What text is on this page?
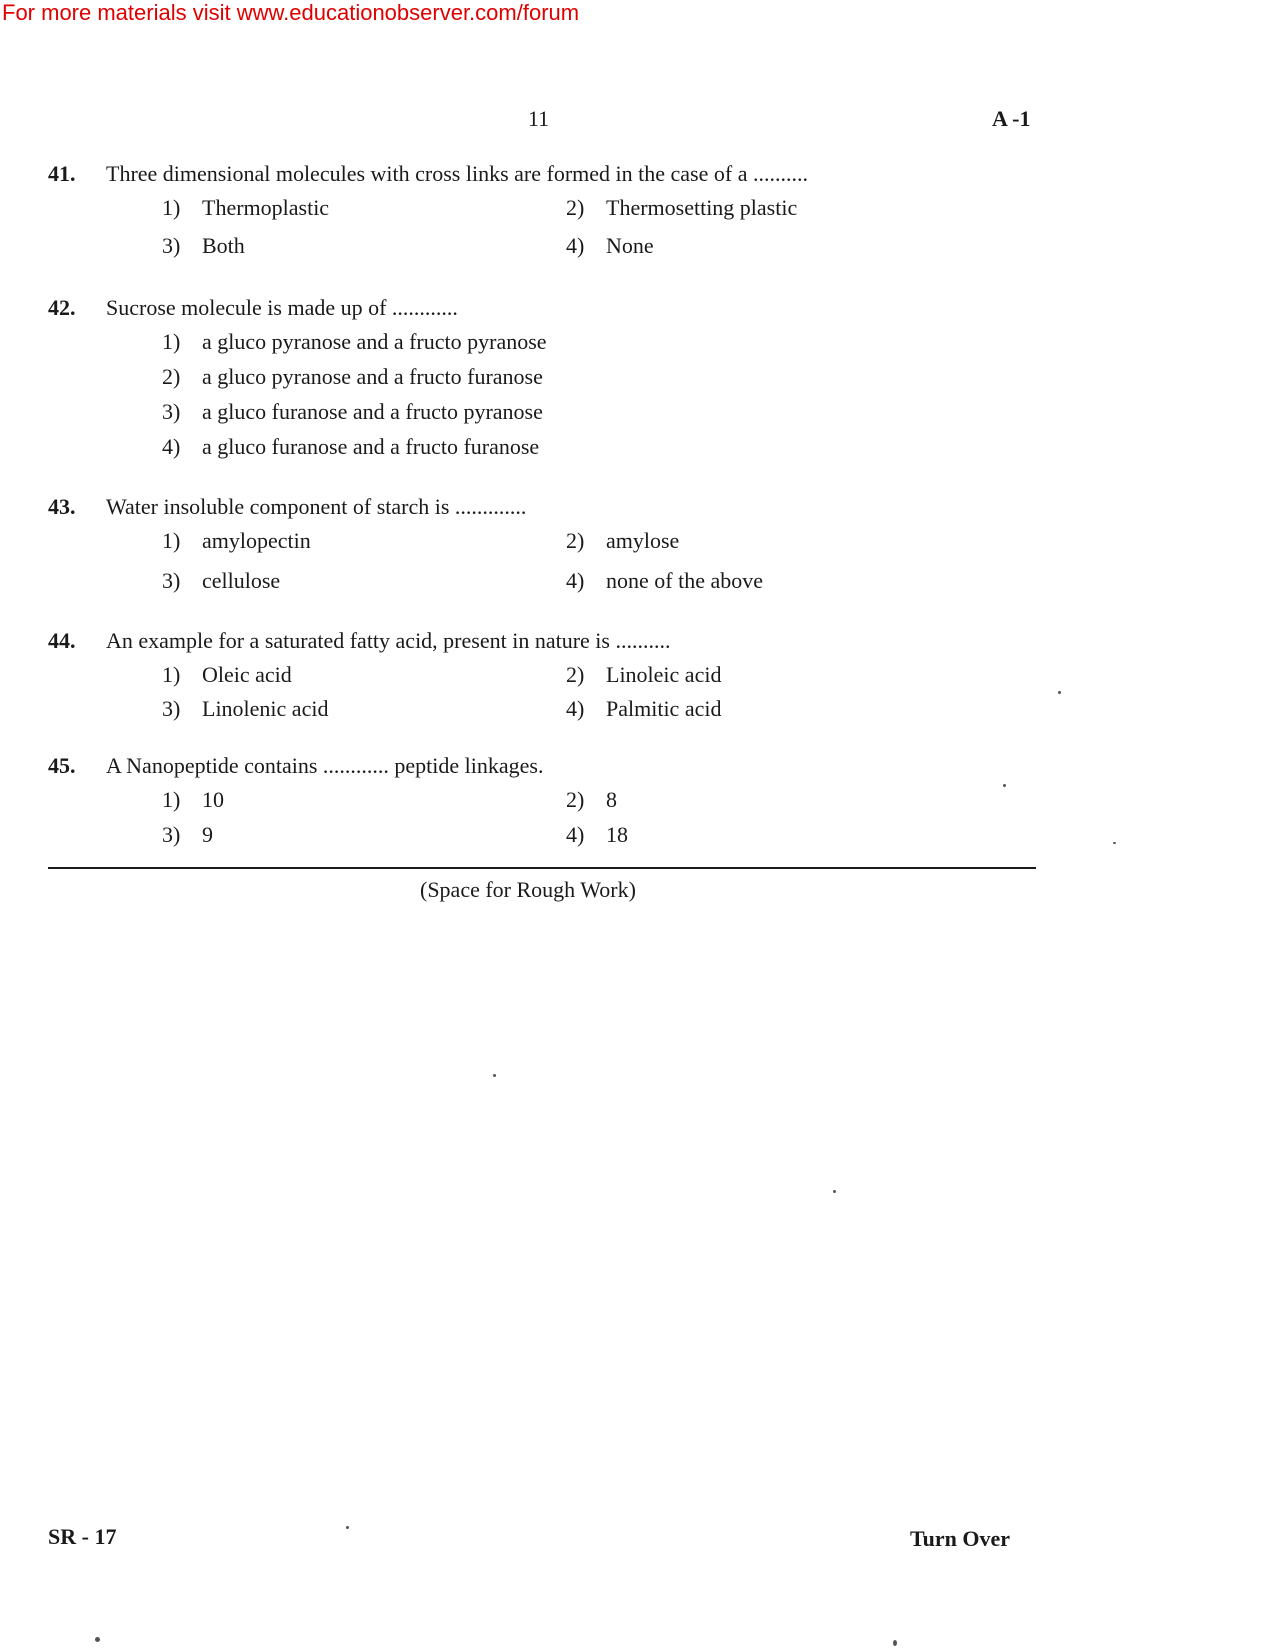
For more materials visit www.educationobserver.com/forum
11	A -1
41. Three dimensional molecules with cross links are formed in the case of a ..........
1) Thermoplastic	2) Thermosetting plastic
3) Both	4) None
42. Sucrose molecule is made up of ............
1) a gluco pyranose and a fructo pyranose
2) a gluco pyranose and a fructo furanose
3) a gluco furanose and a fructo pyranose
4) a gluco furanose and a fructo furanose
43. Water insoluble component of starch is .............
1) amylopectin	2) amylose
3) cellulose	4) none of the above
44. An example for a saturated fatty acid, present in nature is ..........
1) Oleic acid	2) Linoleic acid
3) Linolenic acid	4) Palmitic acid
45. A Nanopeptide contains ............ peptide linkages.
1) 10	2) 8
3) 9	4) 18
(Space for Rough Work)
SR - 17	Turn Over
